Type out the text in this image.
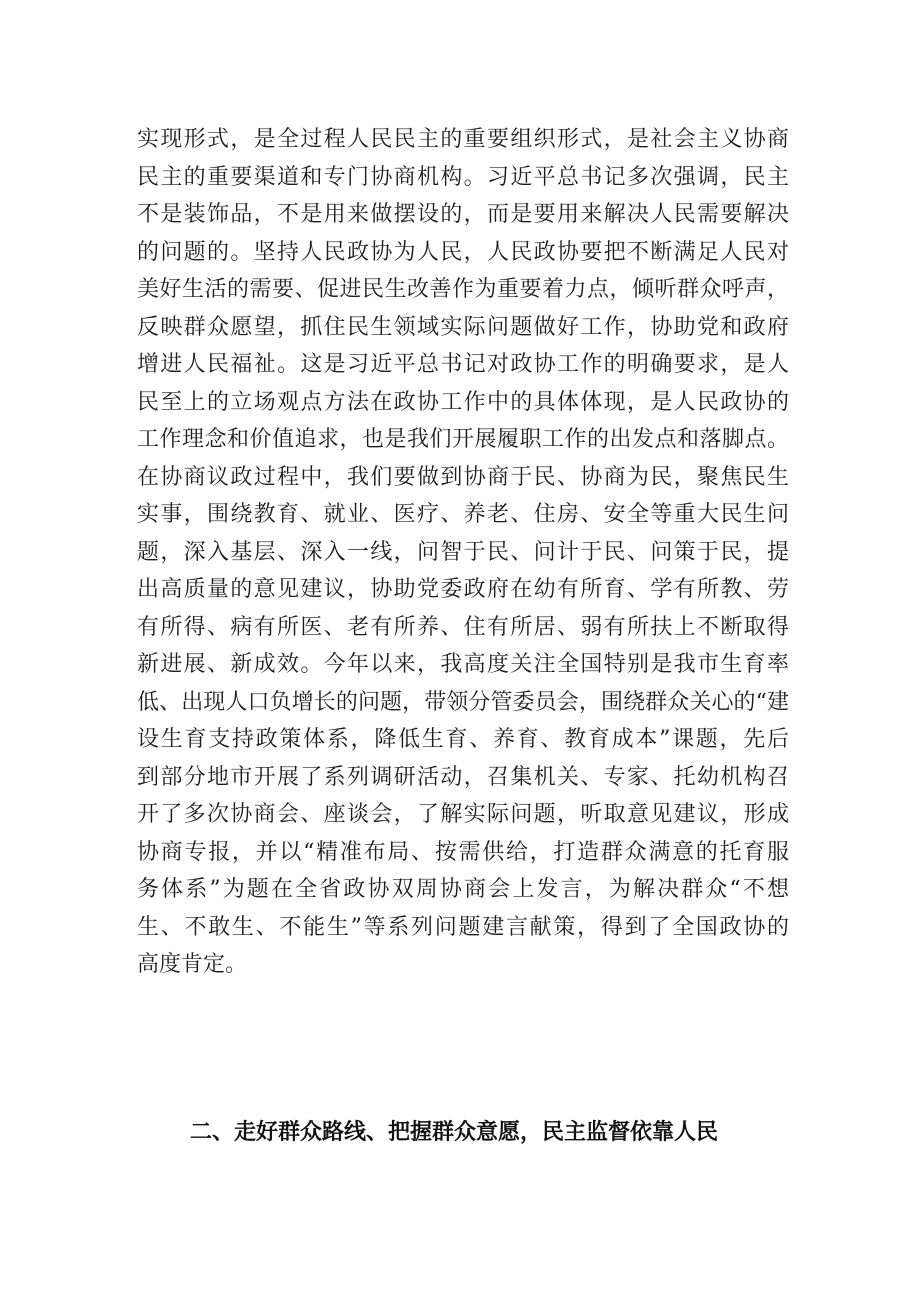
实现形式，是全过程人民民主的重要组织形式，是社会主义协商
民主的重要渠道和专门协商机构。习近平总书记多次强调，民主
不是装饰品，不是用来做摆设的，而是要用来解决人民需要解决
的问题的。坚持人民政协为人民，人民政协要把不断满足人民对
美好生活的需要、促进民生改善作为重要着力点，倾听群众呼声，
反映群众愿望，抓住民生领域实际问题做好工作，协助党和政府
增进人民福祉。这是习近平总书记对政协工作的明确要求，是人
民至上的立场观点方法在政协工作中的具体体现，是人民政协的
工作理念和价值追求，也是我们开展履职工作的出发点和落脚点。
在协商议政过程中，我们要做到协商于民、协商为民，聚焦民生
实事，围绕教育、就业、医疗、养老、住房、安全等重大民生问
题，深入基层、深入一线，问智于民、问计于民、问策于民，提
出高质量的意见建议，协助党委政府在幼有所育、学有所教、劳
有所得、病有所医、老有所养、住有所居、弱有所扶上不断取得
新进展、新成效。今年以来，我高度关注全国特别是我市生育率
低、出现人口负增长的问题，带领分管委员会，围绕群众关心的“建
设生育支持政策体系，降低生育、养育、教育成本”课题，先后
到部分地市开展了系列调研活动，召集机关、专家、托幼机构召
开了多次协商会、座谈会，了解实际问题，听取意见建议，形成
协商专报，并以“精准布局、按需供给，打造群众满意的托育服
务体系”为题在全省政协双周协商会上发言，为解决群众“不想
生、不敢生、不能生”等系列问题建言献策，得到了全国政协的
高度肯定。
二、走好群众路线、把握群众意愿，民主监督依靠人民
